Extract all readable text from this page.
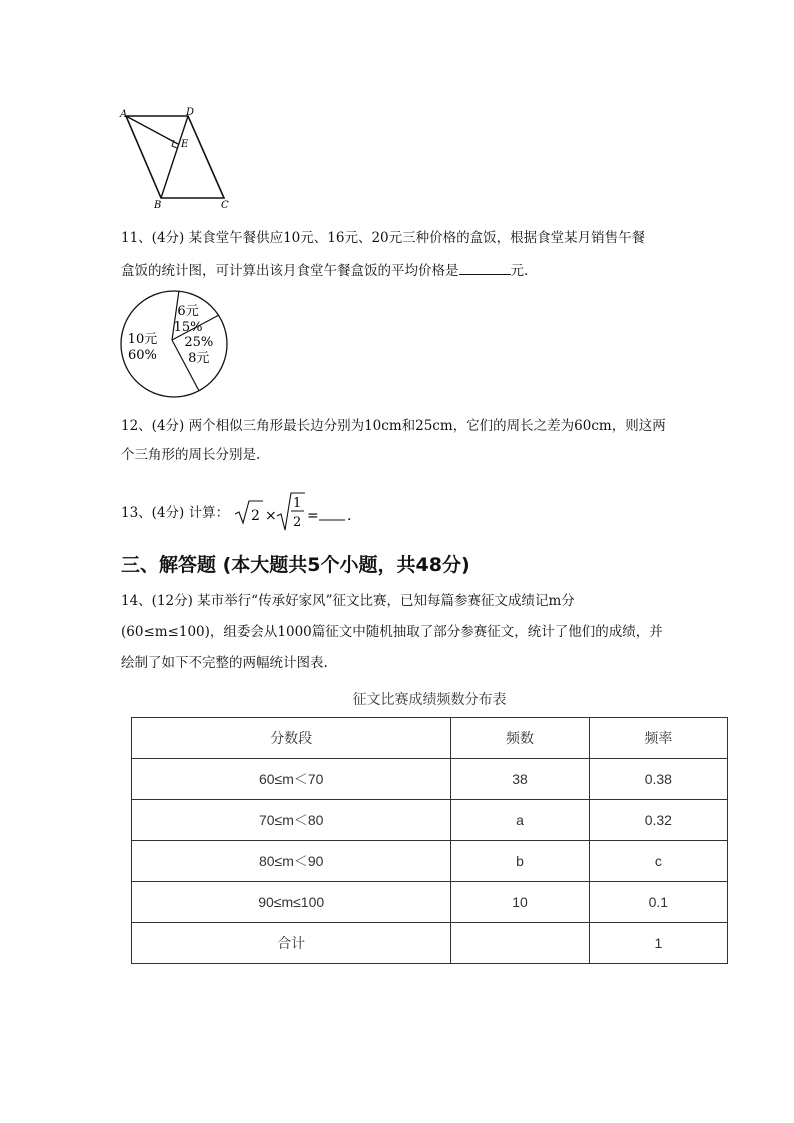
A	D
E
B	C
11、(4分) 某食堂午餐供应10元、16元、20元三种价格的盒饭，根据食堂某月销售午餐
盒饭的统计图，可计算出该月食堂午餐盒饭的平均价格是	元.
6元
15%
25%
8元
10元
60%
12、(4分) 两个相似三角形最长边分别为10cm和25cm，它们的周长之差为60cm，则这两
个三角形的周长分别是.
13、(4分) 计算： 2 ×
1
2 = .
三、解答题 (本大题共5个小题，共48分)
14、(12分) 某市举行“传承好家风”征文比赛，已知每篇参赛征文成绩记m分
(60≤m≤100)，组委会从1000篇征文中随机抽取了部分参赛征文，统计了他们的成绩，并
绘制了如下不完整的两幅统计图表.
征文比赛成绩频数分布表
分数段	频数	频率
60≤m＜70	38	0.38
70≤m＜80	a	0.32
80≤m＜90	b	c
90≤m≤100	10	0.1
合计		1
